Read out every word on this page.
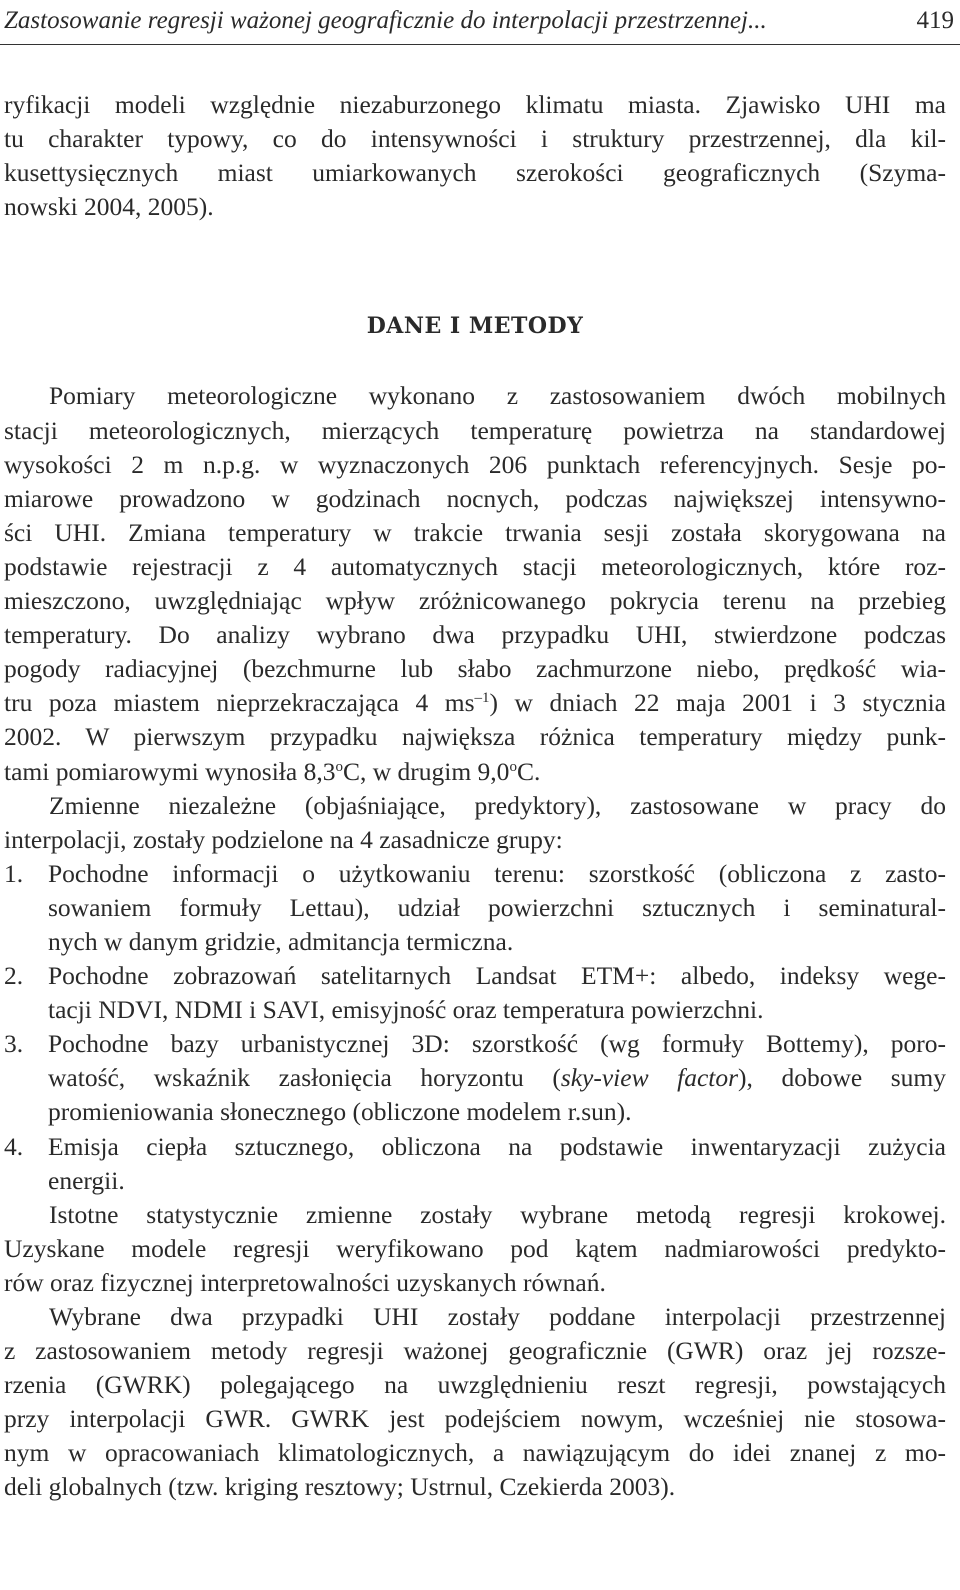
Zastosowanie regresji ważonej geograficznie do interpolacji przestrzennej...	419
ryfikacji modeli względnie niezaburzonego klimatu miasta. Zjawisko UHI ma
tu charakter typowy, co do intensywności i struktury przestrzennej, dla kil-
kusettysięcznych miast umiarkowanych szerokości geograficznych (Szyma-
nowski 2004, 2005).
DANE I METODY
Pomiary meteorologiczne wykonano z zastosowaniem dwóch mobilnych
stacji meteorologicznych, mierzących temperaturę powietrza na standardowej
wysokości 2 m n.p.g. w wyznaczonych 206 punktach referencyjnych. Sesje po-
miarowe prowadzono w godzinach nocnych, podczas największej intensywno-
ści UHI. Zmiana temperatury w trakcie trwania sesji została skorygowana na
podstawie rejestracji z 4 automatycznych stacji meteorologicznych, które roz-
mieszczono, uwzględniając wpływ zróżnicowanego pokrycia terenu na przebieg
temperatury. Do analizy wybrano dwa przypadku UHI, stwierdzone podczas
pogody radiacyjnej (bezchmurne lub słabo zachmurzone niebo, prędkość wia-
tru poza miastem nieprzekraczająca 4 $ms^{-1}$) w dniach 22 maja 2001 i 3 stycznia
2002. W pierwszym przypadku największa różnica temperatury między punk-
tami pomiarowymi wynosiła 8,3$^o$C, w drugim 9,0$^o$C.
Zmienne niezależne (objaśniające, predyktory), zastosowane w pracy do
interpolacji, zostały podzielone na 4 zasadnicze grupy:
1. Pochodne informacji o użytkowaniu terenu: szorstkość (obliczona z zasto-
sowaniem formuły Lettau), udział powierzchni sztucznych i seminatural-
nych w danym gridzie, admitancja termiczna.
2. Pochodne zobrazowań satelitarnych Landsat ETM+: albedo, indeksy wege-
tacji NDVI, NDMI i SAVI, emisyjność oraz temperatura powierzchni.
3. Pochodne bazy urbanistycznej 3D: szorstkość (wg formuły Bottemy), poro-
watość, wskaźnik zasłonięcia horyzontu (sky-view factor), dobowe sumy
promieniowania słonecznego (obliczone modelem r.sun).
4. Emisja ciepła sztucznego, obliczona na podstawie inwentaryzacji zużycia
energii.
Istotne statystycznie zmienne zostały wybrane metodą regresji krokowej.
Uzyskane modele regresji weryfikowano pod kątem nadmiarowości predykto-
rów oraz fizycznej interpretowalności uzyskanych równań.
Wybrane dwa przypadki UHI zostały poddane interpolacji przestrzennej
z zastosowaniem metody regresji ważonej geograficznie (GWR) oraz jej rozsze-
rzenia (GWRK) polegającego na uwzględnieniu reszt regresji, powstających
przy interpolacji GWR. GWRK jest podejściem nowym, wcześniej nie stosowa-
nym w opracowaniach klimatologicznych, a nawiązującym do idei znanej z mo-
deli globalnych (tzw. kriging resztowy; Ustrnul, Czekierda 2003).
